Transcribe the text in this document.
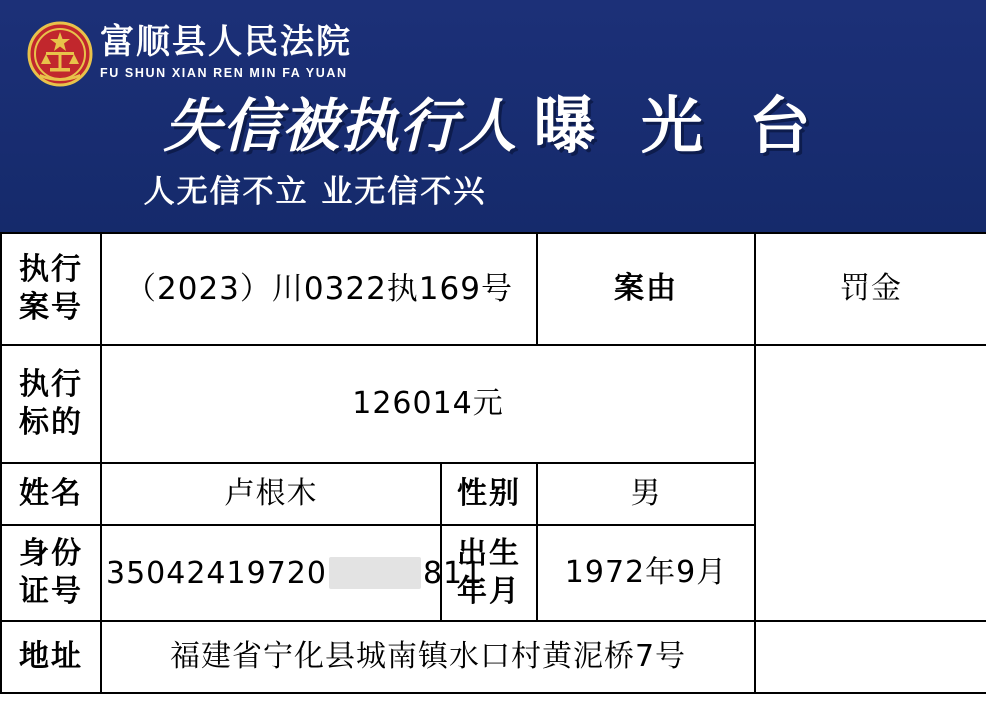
富顺县人民法院
FU SHUN XIAN REN MIN FA YUAN
失信被执行人 曝 光 台
人无信不立 业无信不兴
执行案号	（2023）川0322执169号		案由	罚金
执行标的	126014元			
姓名	卢根木	性别	男	
身份证号	35042419720 811	出生年月	1972年9月	
地址	福建省宁化县城南镇水口村黄泥桥7号			
